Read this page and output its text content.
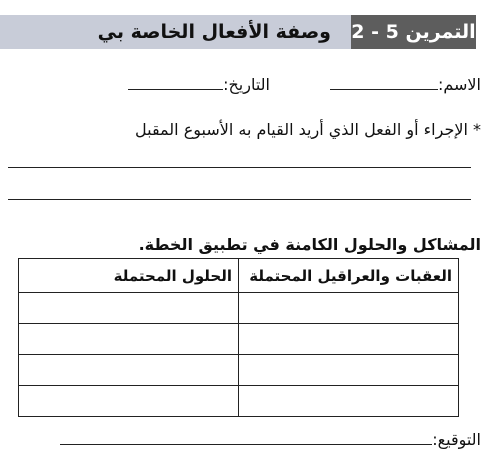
التمرين 5 - 2
وصفة الأفعال الخاصة بي
الاسم:
التاريخ:
* الإجراء أو الفعل الذي أريد القيام به الأسبوع المقبل
المشاكل والحلول الكامنة في تطبيق الخطة.
العقبات والعراقيل المحتملة	الحلول المحتملة

التوقيع:
